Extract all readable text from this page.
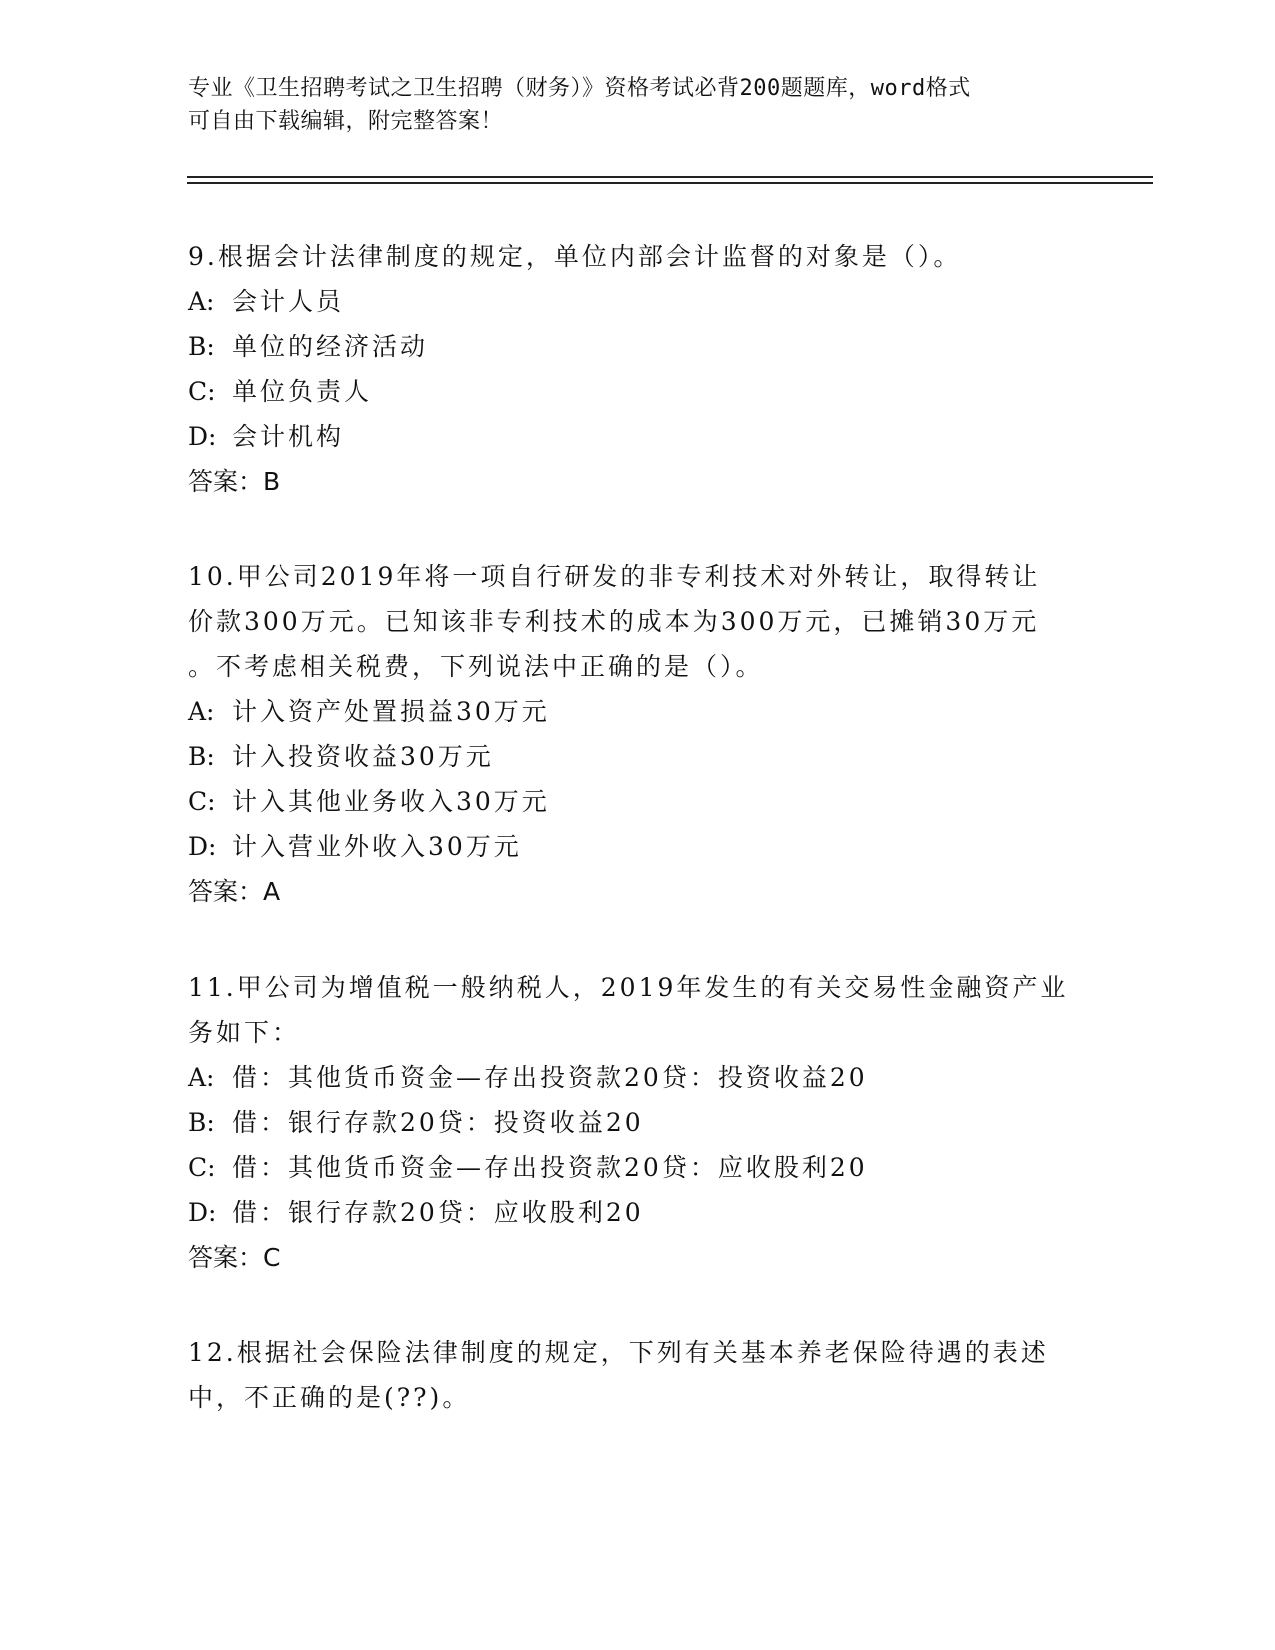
专业《卫生招聘考试之卫生招聘（财务）》资格考试必背200题题库，word格式
可自由下载编辑，附完整答案！
9.根据会计法律制度的规定，单位内部会计监督的对象是（）。
A: 会计人员
B: 单位的经济活动
C: 单位负责人
D: 会计机构
答案：B
10.甲公司2019年将一项自行研发的非专利技术对外转让，取得转让
价款300万元。已知该非专利技术的成本为300万元，已摊销30万元
。不考虑相关税费，下列说法中正确的是（）。
A: 计入资产处置损益30万元
B: 计入投资收益30万元
C: 计入其他业务收入30万元
D: 计入营业外收入30万元
答案：A
11.甲公司为增值税一般纳税人，2019年发生的有关交易性金融资产业
务如下：
A: 借：其他货币资金—存出投资款20贷：投资收益20
B: 借：银行存款20贷：投资收益20
C: 借：其他货币资金—存出投资款20贷：应收股利20
D: 借：银行存款20贷：应收股利20
答案：C
12.根据社会保险法律制度的规定，下列有关基本养老保险待遇的表述
中，不正确的是(??)。
